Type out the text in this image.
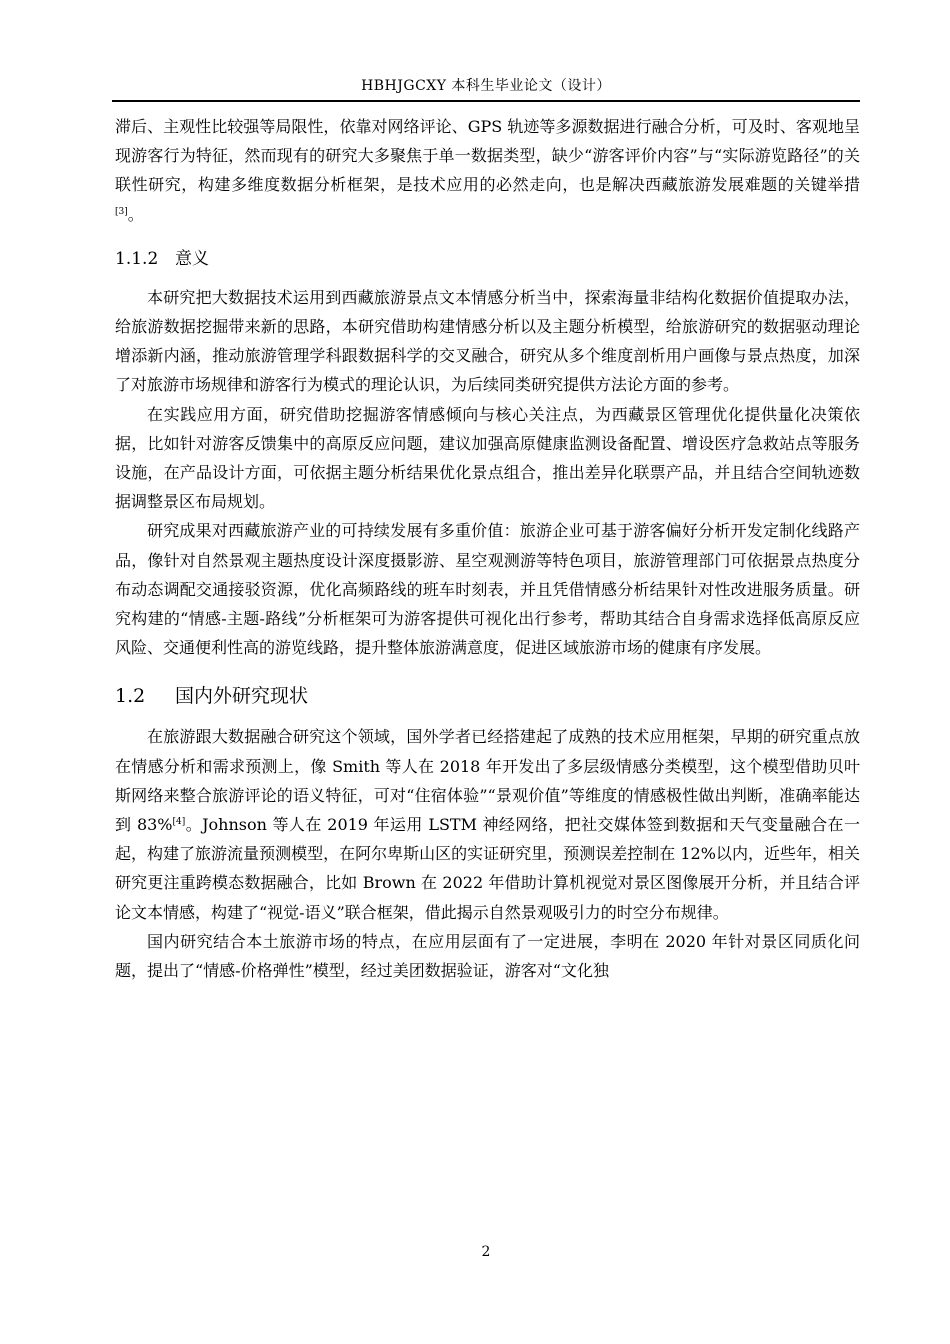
HBHJGCXY 本科生毕业论文（设计）

滞后、主观性比较强等局限性，依靠对网络评论、GPS 轨迹等多源数据进行融合分析，可及时、客观地呈现游客行为特征，然而现有的研究大多聚焦于单一数据类型，缺少“游客评价内容”与“实际游览路径”的关联性研究，构建多维度数据分析框架，是技术应用的必然走向，也是解决西藏旅游发展难题的关键举措[3]。

1.1.2 意义

本研究把大数据技术运用到西藏旅游景点文本情感分析当中，探索海量非结构化数据价值提取办法，给旅游数据挖掘带来新的思路，本研究借助构建情感分析以及主题分析模型，给旅游研究的数据驱动理论增添新内涵，推动旅游管理学科跟数据科学的交叉融合，研究从多个维度剖析用户画像与景点热度，加深了对旅游市场规律和游客行为模式的理论认识，为后续同类研究提供方法论方面的参考。

在实践应用方面，研究借助挖掘游客情感倾向与核心关注点，为西藏景区管理优化提供量化决策依据，比如针对游客反馈集中的高原反应问题，建议加强高原健康监测设备配置、增设医疗急救站点等服务设施，在产品设计方面，可依据主题分析结果优化景点组合，推出差异化联票产品，并且结合空间轨迹数据调整景区布局规划。

研究成果对西藏旅游产业的可持续发展有多重价值：旅游企业可基于游客偏好分析开发定制化线路产品，像针对自然景观主题热度设计深度摄影游、星空观测游等特色项目，旅游管理部门可依据景点热度分布动态调配交通接驳资源，优化高频路线的班车时刻表，并且凭借情感分析结果针对性改进服务质量。研究构建的“情感-主题-路线”分析框架可为游客提供可视化出行参考，帮助其结合自身需求选择低高原反应风险、交通便利性高的游览线路，提升整体旅游满意度，促进区域旅游市场的健康有序发展。

1.2 国内外研究现状

在旅游跟大数据融合研究这个领域，国外学者已经搭建起了成熟的技术应用框架，早期的研究重点放在情感分析和需求预测上，像 Smith 等人在 2018 年开发出了多层级情感分类模型，这个模型借助贝叶斯网络来整合旅游评论的语义特征，可对“住宿体验”“景观价值”等维度的情感极性做出判断，准确率能达到 83%[4]。Johnson 等人在 2019 年运用 LSTM 神经网络，把社交媒体签到数据和天气变量融合在一起，构建了旅游流量预测模型，在阿尔卑斯山区的实证研究里，预测误差控制在 12%以内，近些年，相关研究更注重跨模态数据融合，比如 Brown 在 2022 年借助计算机视觉对景区图像展开分析，并且结合评论文本情感，构建了“视觉-语义”联合框架，借此揭示自然景观吸引力的时空分布规律。

国内研究结合本土旅游市场的特点，在应用层面有了一定进展，李明在 2020 年针对景区同质化问题，提出了“情感-价格弹性”模型，经过美团数据验证，游客对“文化独

2
